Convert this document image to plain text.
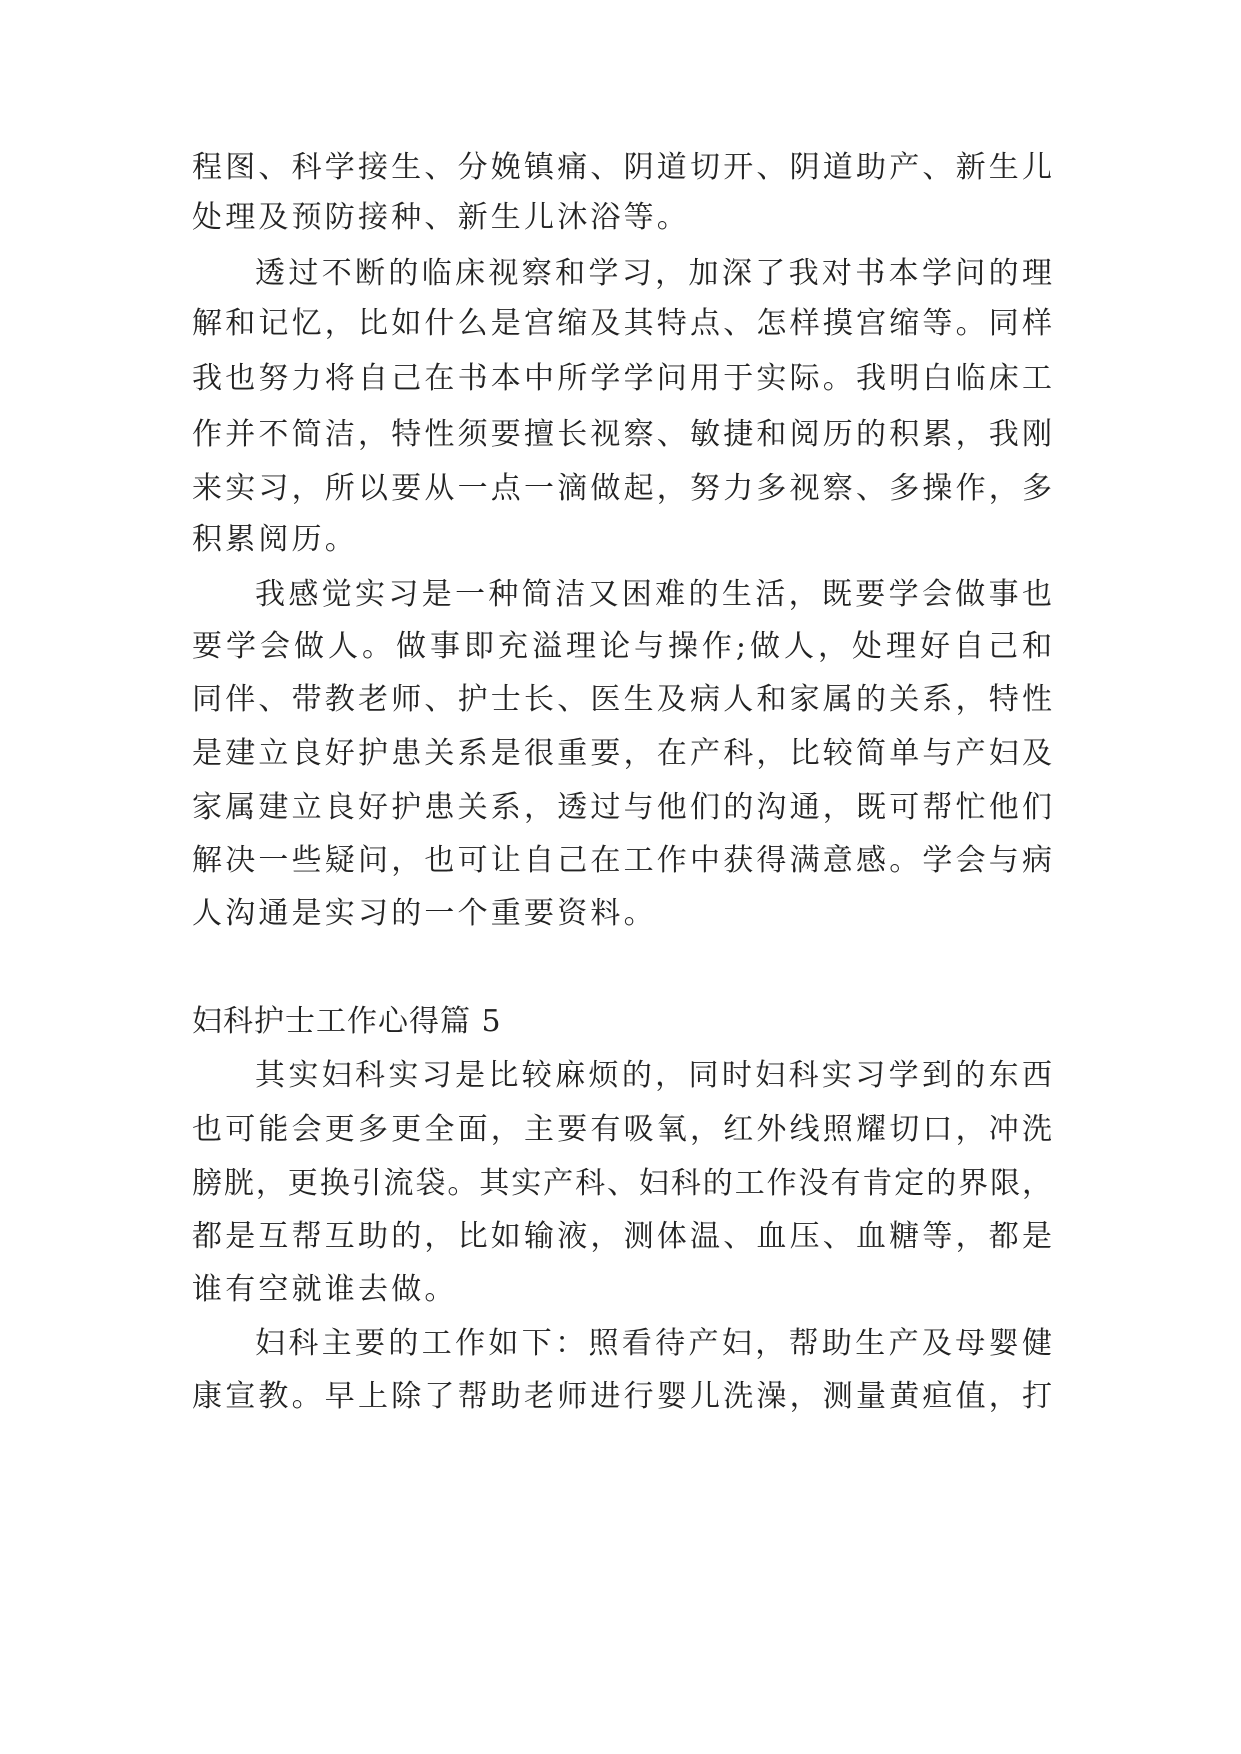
程图、科学接生、分娩镇痛、阴道切开、阴道助产、新生儿
处理及预防接种、新生儿沐浴等。
透过不断的临床视察和学习，加深了我对书本学问的理
解和记忆，比如什么是宫缩及其特点、怎样摸宫缩等。同样
我也努力将自己在书本中所学学问用于实际。我明白临床工
作并不简洁，特性须要擅长视察、敏捷和阅历的积累，我刚
来实习，所以要从一点一滴做起，努力多视察、多操作，多
积累阅历。
我感觉实习是一种简洁又困难的生活，既要学会做事也
要学会做人。做事即充溢理论与操作;做人，处理好自己和
同伴、带教老师、护士长、医生及病人和家属的关系，特性
是建立良好护患关系是很重要，在产科，比较简单与产妇及
家属建立良好护患关系，透过与他们的沟通，既可帮忙他们
解决一些疑问，也可让自己在工作中获得满意感。学会与病
人沟通是实习的一个重要资料。
妇科护士工作心得篇 5
其实妇科实习是比较麻烦的，同时妇科实习学到的东西
也可能会更多更全面，主要有吸氧，红外线照耀切口，冲洗
膀胱，更换引流袋。其实产科、妇科的工作没有肯定的界限，
都是互帮互助的，比如输液，测体温、血压、血糖等，都是
谁有空就谁去做。
妇科主要的工作如下：照看待产妇，帮助生产及母婴健
康宣教。早上除了帮助老师进行婴儿洗澡，测量黄疸值，打
